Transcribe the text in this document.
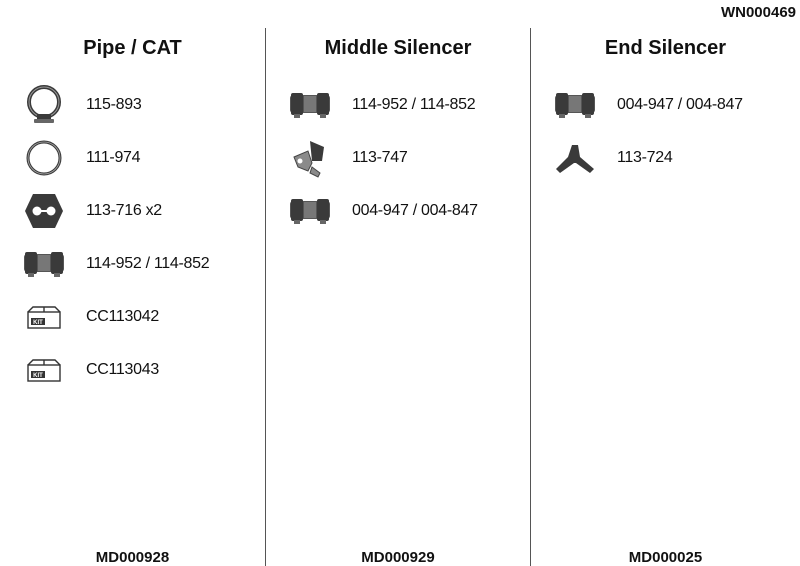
WN000469
Pipe / CAT
115-893
111-974
113-716 x2
114-952 / 114-852
KIT	CC113042
KIT	CC113043
MD000928
Middle Silencer
114-952 / 114-852
113-747
004-947 / 004-847
MD000929
End Silencer
004-947 / 004-847
113-724
MD000025
